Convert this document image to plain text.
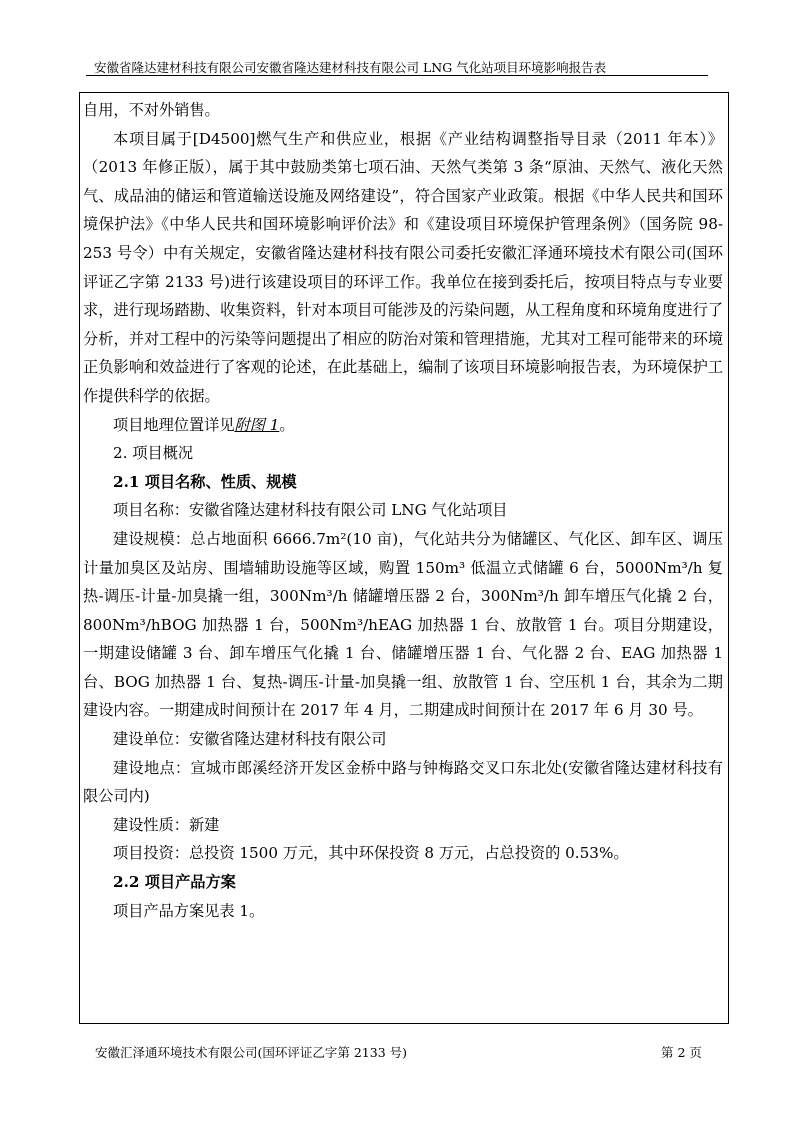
安徽省隆达建材科技有限公司安徽省隆达建材科技有限公司 LNG 气化站项目环境影响报告表

自用，不对外销售。

本项目属于[D4500]燃气生产和供应业，根据《产业结构调整指导目录（2011 年本）》（2013 年修正版），属于其中鼓励类第七项石油、天然气类第 3 条“原油、天然气、液化天然气、成品油的储运和管道输送设施及网络建设”，符合国家产业政策。根据《中华人民共和国环境保护法》《中华人民共和国环境影响评价法》和《建设项目环境保护管理条例》（国务院 98-253 号令）中有关规定，安徽省隆达建材科技有限公司委托安徽汇泽通环境技术有限公司(国环评证乙字第 2133 号)进行该建设项目的环评工作。我单位在接到委托后，按项目特点与专业要求，进行现场踏勘、收集资料，针对本项目可能涉及的污染问题，从工程角度和环境角度进行了分析，并对工程中的污染等问题提出了相应的防治对策和管理措施，尤其对工程可能带来的环境正负影响和效益进行了客观的论述，在此基础上，编制了该项目环境影响报告表，为环境保护工作提供科学的依据。

项目地理位置详见附图 1。

2. 项目概况

2.1 项目名称、性质、规模

项目名称：安徽省隆达建材科技有限公司 LNG 气化站项目

建设规模：总占地面积 6666.7m²(10 亩)，气化站共分为储罐区、气化区、卸车区、调压计量加臭区及站房、围墙辅助设施等区域，购置 150m³ 低温立式储罐 6 台，5000Nm³/h 复热-调压-计量-加臭撬一组，300Nm³/h 储罐增压器 2 台，300Nm³/h 卸车增压气化撬 2 台，800Nm³/hBOG 加热器 1 台，500Nm³/hEAG 加热器 1 台、放散管 1 台。项目分期建设，一期建设储罐 3 台、卸车增压气化撬 1 台、储罐增压器 1 台、气化器 2 台、EAG 加热器 1 台、BOG 加热器 1 台、复热-调压-计量-加臭撬一组、放散管 1 台、空压机 1 台，其余为二期建设内容。一期建成时间预计在 2017 年 4 月，二期建成时间预计在 2017 年 6 月 30 号。

建设单位：安徽省隆达建材科技有限公司

建设地点：宣城市郎溪经济开发区金桥中路与钟梅路交叉口东北处(安徽省隆达建材科技有限公司内)

建设性质：新建

项目投资：总投资 1500 万元，其中环保投资 8 万元，占总投资的 0.53%。

2.2 项目产品方案

项目产品方案见表 1。

安徽汇泽通环境技术有限公司(国环评证乙字第 2133 号)	第 2 页
